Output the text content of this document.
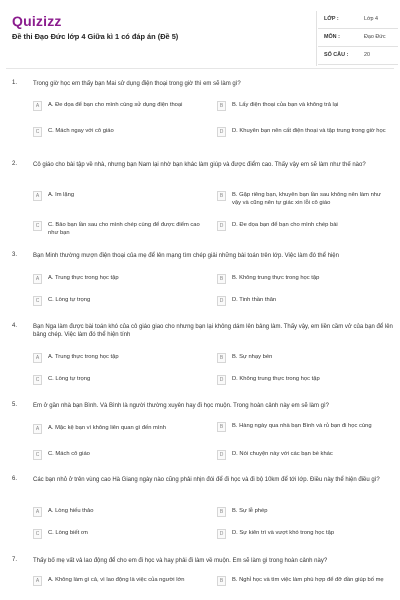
Quizizz
Đề thi Đạo Đức lớp 4 Giữa kì 1 có đáp án (Đề 5)
LỚP :	Lớp 4
MÔN :	Đạo Đức
SỐ CÂU :	20
1.	Trong giờ học em thấy bạn Mai sử dụng điện thoại trong giờ thì em sẽ làm gì?
A	A. Đe dọa để bạn cho mình cùng sử dụng điện thoại	B	B. Lấy điện thoại của bạn và không trả lại
C	C. Mách ngay với cô giáo	D	D. Khuyên bạn nên cất điện thoại và tập trung trong giờ học
2.	Cô giáo cho bài tập về nhà, nhưng bạn Nam lại nhờ bạn khác làm giúp và được điểm cao. Thấy vậy em sẽ làm như thế nào?
A	A. Im lặng	B	B. Gặp riêng bạn, khuyên bạn lần sau không nên làm như vậy và cũng nên tự giác xin lỗi cô giáo
C	C. Bảo bạn lần sau cho mình chép cùng để được điểm cao như bạn
D	D. Đe dọa bạn để bạn cho mình chép bài
3.	Bạn Minh thường mượn điện thoại của mẹ để lên mạng tìm chép giải những bài toán trên lớp. Việc làm đó thể hiện
A	A. Trung thực trong học tập	B	B. Không trung thực trong học tập
C	C. Lòng tự trọng	D	D. Tinh thần thân
4.	Bạn Nga làm được bài toán khó của cô giáo giao cho nhưng bạn lại không dám lên bảng làm. Thấy vậy, em liền cầm vở của bạn để lên bảng chép. Việc làm đó thể hiện tính
A	A. Trung thực trong học tập	B	B. Sự nhạy bén
C	C. Lòng tự trọng	D	D. Không trung thực trong học tập
5.	Em ở gần nhà bạn Bình. Và Bình là người thường xuyên hay đi học muộn. Trong hoàn cảnh này em sẽ làm gì?
A	A. Mặc kệ bạn vì không liên quan gì đến mình	B	B. Hàng ngày qua nhà bạn Bình và rủ bạn đi học cùng
C	C. Mách cô giáo	D	D. Nói chuyện này với các bạn bè khác
6.	Các bạn nhỏ ở trên vùng cao Hà Giang ngày nào cũng phải nhịn đói để đi học và đi bộ 10km để tới lớp. Điều này thể hiện điều gì?
A	A. Lòng hiếu thảo	B	B. Sự lễ phép
C	C. Lòng biết ơn	D	D. Sự kiên trì và vượt khó trong học tập
7.	Thấy bố mẹ vất vả lao động để cho em đi học và hay phải đi làm về muộn. Em sẽ làm gì trong hoàn cảnh này?
A	A. Không làm gì cả, vì lao động là việc của người lớn	B	B. Nghỉ học và tìm việc làm phù hợp để đỡ đần giúp bố mẹ
